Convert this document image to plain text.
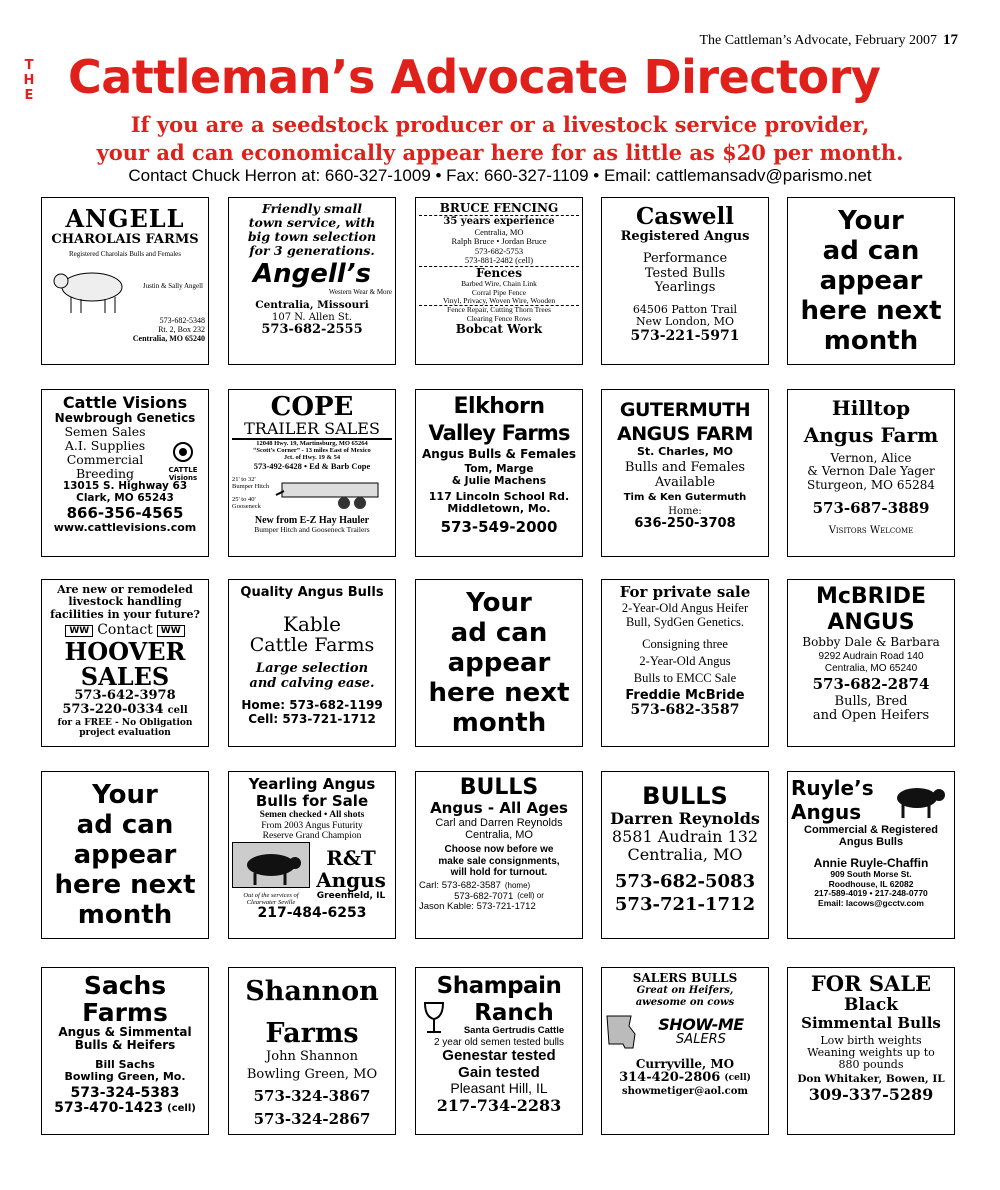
The Cattleman’s Advocate, February 2007 17
T
H
E Cattleman’s Advocate Directory
If you are a seedstock producer or a livestock service provider,
your ad can economically appear here for as little as $20 per month.
Contact Chuck Herron at: 660-327-1009 • Fax: 660-327-1109 • Email: cattlemansadv@parismo.net
ANGELL
CHAROLAIS FARMS
Registered Charolais Bulls and Females
Justin & Sally Angell
573-682-5348
Rt. 2, Box 232
Centralia, MO 65240
Friendly small
town service, with
big town selection
for 3 generations.
Angell’s
Western Wear & More
Centralia, Missouri
107 N. Allen St.
573-682-2555
BRUCE FENCING
35 years experience
Centralia, MO
Ralph Bruce • Jordan Bruce
573-682-5753
573-881-2482 (cell)
Fences
Barbed Wire, Chain Link
Corral Pipe Fence
Vinyl, Privacy, Woven Wire, Wooden
Fence Repair, Cutting Thorn Trees
Clearing Fence Rows
Bobcat Work
Caswell
Registered Angus
Performance
Tested Bulls
Yearlings
64506 Patton Trail
New London, MO
573-221-5971
Your
ad can
appear
here next
month
Cattle Visions
Newbrough Genetics
Semen Sales
A.I. Supplies
Commercial
Breeding	CATTLE
Visions
13015 S. Highway 63
Clark, MO 65243
866-356-4565
www.cattlevisions.com
COPE
TRAILER SALES
12048 Hwy. 19, Martinsburg, MO 65264
“Scott’s Corner” - 13 miles East of Mexico
Jct. of Hwy. 19 & 54
573-492-6428 • Ed & Barb Cope
21' to 32'
Bumper Hitch
25' to 40'
Gooseneck
New from E-Z Hay Hauler
Bumper Hitch and Gooseneck Trailers
Elkhorn
Valley Farms
Angus Bulls & Females
Tom, Marge
& Julie Machens
117 Lincoln School Rd.
Middletown, Mo.
573-549-2000
GUTERMUTH
ANGUS FARM
St. Charles, MO
Bulls and Females
Available
Tim & Ken Gutermuth
Home:
636-250-3708
Hilltop
Angus Farm
Vernon, Alice
& Vernon Dale Yager
Sturgeon, MO 65284
573-687-3889
Visitors Welcome
Are new or remodeled
livestock handling
facilities in your future?
WW Contact WW
HOOVER
SALES
573-642-3978
573-220-0334 cell
for a FREE - No Obligation
project evaluation
Quality Angus Bulls
Kable
Cattle Farms
Large selection
and calving ease.
Home: 573-682-1199
Cell: 573-721-1712
Your
ad can
appear
here next
month
For private sale
2-Year-Old Angus Heifer
Bull, SydGen Genetics.
Consigning three
2-Year-Old Angus
Bulls to EMCC Sale
Freddie McBride
573-682-3587
McBRIDE
ANGUS
Bobby Dale & Barbara
9292 Audrain Road 140
Centralia, MO 65240
573-682-2874
Bulls, Bred
and Open Heifers
Your
ad can
appear
here next
month
Yearling Angus
Bulls for Sale
Semen checked • All shots
From 2003 Angus Futurity
Reserve Grand Champion
Out of the services of
Clearwater Seville
R&T
Angus
Greenfield, IL
217-484-6253
BULLS
Angus - All Ages
Carl and Darren Reynolds
Centralia, MO
Choose now before we
make sale consignments,
will hold for turnout.
Carl: 573-682-3587 (home)
573-682-7071 (cell) or
Jason Kable: 573-721-1712
BULLS
Darren Reynolds
8581 Audrain 132
Centralia, MO
573-682-5083
573-721-1712
Ruyle’s
Angus
Commercial & Registered
Angus Bulls
Annie Ruyle-Chaffin
909 South Morse St.
Roodhouse, IL 62082
217-589-4019 • 217-248-0770
Email: lacows@gcctv.com
Sachs
Farms
Angus & Simmental
Bulls & Heifers
Bill Sachs
Bowling Green, Mo.
573-324-5383
573-470-1423 (cell)
Shannon
Farms
John Shannon
Bowling Green, MO
573-324-3867
573-324-2867
Shampain
Ranch
Santa Gertrudis Cattle
2 year old semen tested bulls
Genestar tested
Gain tested
Pleasant Hill, IL
217-734-2283
SALERS BULLS
Great on Heifers,
awesome on cows
SHOW-ME
SALERS
Curryville, MO
314-420-2806 (cell)
showmetiger@aol.com
FOR SALE
Black
Simmental Bulls
Low birth weights
Weaning weights up to
880 pounds
Don Whitaker, Bowen, IL
309-337-5289
